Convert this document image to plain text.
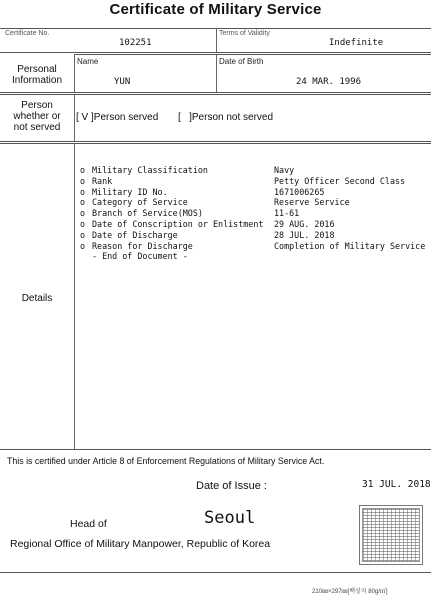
Certificate of Military Service
Certificate No.
102251
Terms of Validity
Indefinite
Personal
Information
Name
YUN
Date of Birth
24 MAR. 1996
Person
whether or
not served
[ V ]Person served [   ]Person not served
Details
o Military Classification	Navy
o Rank	Petty Officer Second Class
o Military ID No.	1671006265
o Category of Service	Reserve Service
o Branch of Service(MOS)	11-61
o Date of Conscription or Enlistment	29 AUG. 2016
o Date of Discharge	28 JUL. 2018
o Reason for Discharge	Completion of Military Service
- End of Document -
This is certified under Article 8 of Enforcement Regulations of Military Service Act.
Date of Issue :	31 JUL. 2018
Head of	Seoul
Regional Office of Military Manpower, Republic of Korea
210㎜×297㎜[백상지 80g/㎡]
